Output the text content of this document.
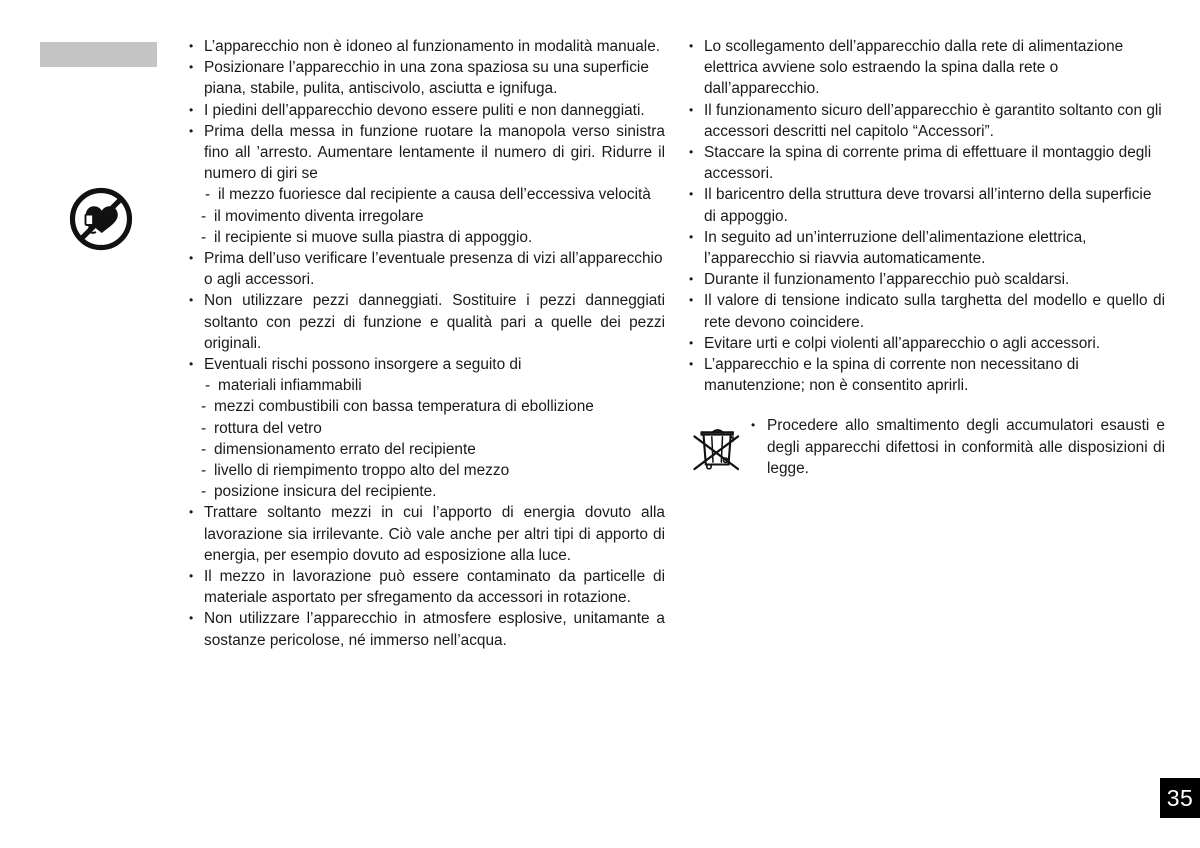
• L’apparecchio non è idoneo al funzionamento in modalità manuale.
• Posizionare l’apparecchio in una zona spaziosa su una superficie piana, stabile, pulita, antiscivolo, asciutta e ignifuga.
• I piedini dell’apparecchio devono essere puliti e non danneggiati.
• Prima della messa in funzione ruotare la manopola verso sinistra fino all ’arresto. Aumentare lentamente il numero di giri. Ridurre il numero di giri se
- il mezzo fuoriesce dal recipiente a causa dell’eccessiva velocità
- il movimento diventa irregolare
- il recipiente si muove sulla piastra di appoggio.
• Prima dell’uso verificare l’eventuale presenza di vizi all’apparecchio o agli accessori.
• Non utilizzare pezzi danneggiati. Sostituire i pezzi danneggiati soltanto con pezzi di funzione e qualità pari a quelle dei pezzi originali.
• Eventuali rischi possono insorgere a seguito di
- materiali infiammabili
- mezzi combustibili con bassa temperatura di ebollizione
- rottura del vetro
- dimensionamento errato del recipiente
- livello di riempimento troppo alto del mezzo
- posizione insicura del recipiente.
• Trattare soltanto mezzi in cui l’apporto di energia dovuto alla lavorazione sia irrilevante. Ciò vale anche per altri tipi di apporto di energia, per esempio dovuto ad esposizione alla luce.
• Il mezzo in lavorazione può essere contaminato da particelle di materiale asportato per sfregamento da accessori in rotazione.
• Non utilizzare l’apparecchio in atmosfere esplosive, unitamante a sostanze pericolose, né immerso nell’acqua.
• Lo scollegamento dell’apparecchio dalla rete di alimentazione elettrica avviene solo estraendo la spina dalla rete o dall’apparecchio.
• Il funzionamento sicuro dell’apparecchio è garantito soltanto con gli accessori descritti nel capitolo “Accessori”.
• Staccare la spina di corrente prima di effettuare il montaggio degli accessori.
• Il baricentro della struttura deve trovarsi all’interno della superficie di appoggio.
• In seguito ad un’interruzione dell’alimentazione elettrica, l’apparecchio si riavvia automaticamente.
• Durante il funzionamento l’apparecchio può scaldarsi.
• Il valore di tensione indicato sulla targhetta del modello e quello di rete devono coincidere.
• Evitare urti e colpi violenti all’apparecchio o agli accessori.
• L’apparecchio e la spina di corrente non necessitano di manutenzione; non è consentito aprirli.
• Procedere allo smaltimento degli accumulatori esausti e degli apparecchi difettosi in conformità alle disposizioni di legge.
35
